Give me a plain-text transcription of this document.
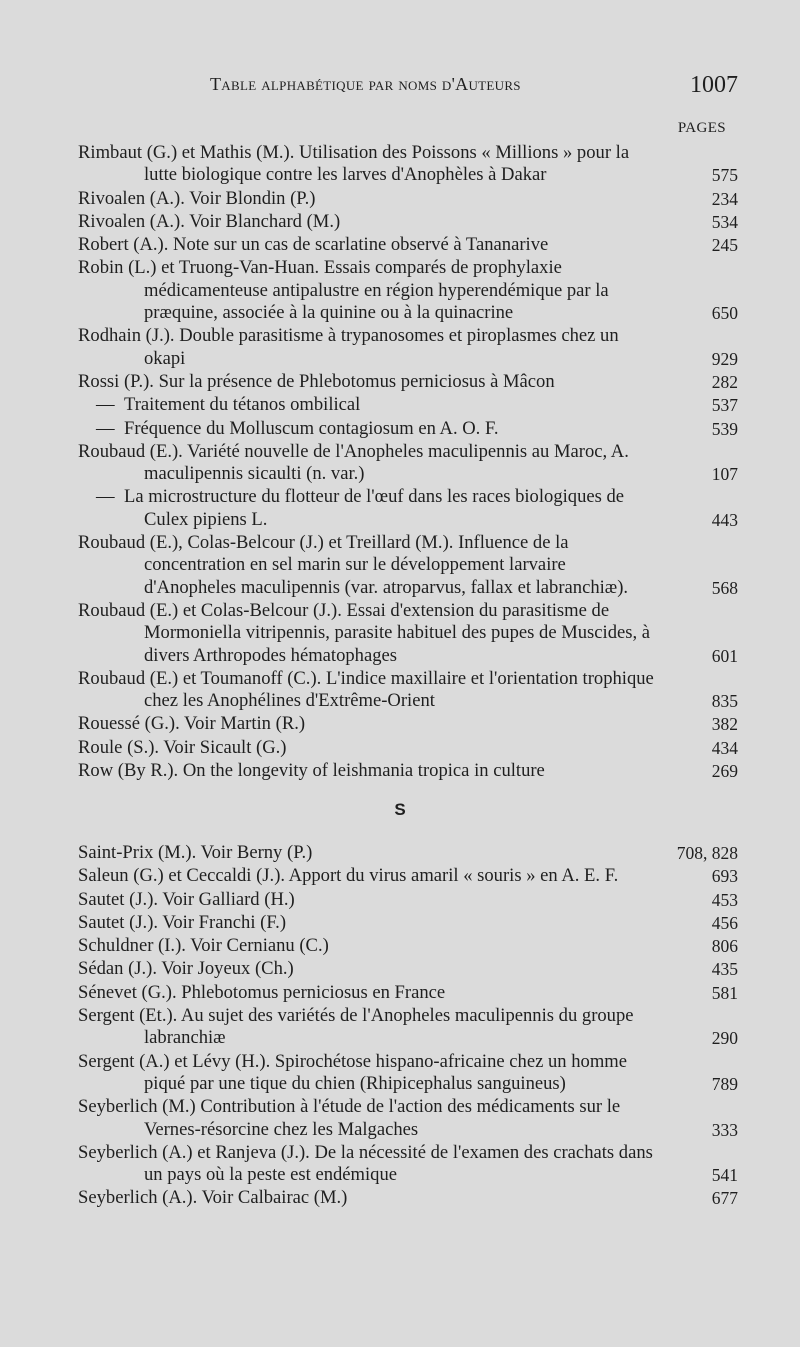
Table alphabétique par noms d'Auteurs	1007
PAGES
Rimbaut (G.) et Mathis (M.). Utilisation des Poissons « Millions » pour la lutte biologique contre les larves d'Anophèles à Dakar	575
Rivoalen (A.). Voir Blondin (P.)	234
Rivoalen (A.). Voir Blanchard (M.)	534
Robert (A.). Note sur un cas de scarlatine observé à Tananarive	245
Robin (L.) et Truong-Van-Huan. Essais comparés de prophylaxie médicamenteuse antipalustre en région hyperendémique par la præquine, associée à la quinine ou à la quinacrine	650
Rodhain (J.). Double parasitisme à trypanosomes et piroplasmes chez un okapi	929
Rossi (P.). Sur la présence de Phlebotomus perniciosus à Mâcon	282
— Traitement du tétanos ombilical	537
— Fréquence du Molluscum contagiosum en A. O. F.	539
Roubaud (E.). Variété nouvelle de l'Anopheles maculipennis au Maroc, A. maculipennis sicaulti (n. var.)	107
— La microstructure du flotteur de l'œuf dans les races biologiques de Culex pipiens L.	443
Roubaud (E.), Colas-Belcour (J.) et Treillard (M.). Influence de la concentration en sel marin sur le développement larvaire d'Anopheles maculipennis (var. atroparvus, fallax et labranchiæ).	568
Roubaud (E.) et Colas-Belcour (J.). Essai d'extension du parasitisme de Mormoniella vitripennis, parasite habituel des pupes de Muscides, à divers Arthropodes hématophages	601
Roubaud (E.) et Toumanoff (C.). L'indice maxillaire et l'orientation trophique chez les Anophélines d'Extrême-Orient	835
Rouessé (G.). Voir Martin (R.)	382
Roule (S.). Voir Sicault (G.)	434
Row (By R.). On the longevity of leishmania tropica in culture	269
S
Saint-Prix (M.). Voir Berny (P.)	708, 828
Saleun (G.) et Ceccaldi (J.). Apport du virus amaril « souris » en A. E. F.	693
Sautet (J.). Voir Galliard (H.)	453
Sautet (J.). Voir Franchi (F.)	456
Schuldner (I.). Voir Cernianu (C.)	806
Sédan (J.). Voir Joyeux (Ch.)	435
Sénevet (G.). Phlebotomus perniciosus en France	581
Sergent (Et.). Au sujet des variétés de l'Anopheles maculipennis du groupe labranchiæ	290
Sergent (A.) et Lévy (H.). Spirochétose hispano-africaine chez un homme piqué par une tique du chien (Rhipicephalus sanguineus)	789
Seyberlich (M.) Contribution à l'étude de l'action des médicaments sur le Vernes-résorcine chez les Malgaches	333
Seyberlich (A.) et Ranjeva (J.). De la nécessité de l'examen des crachats dans un pays où la peste est endémique	541
Seyberlich (A.). Voir Calbairac (M.)	677
